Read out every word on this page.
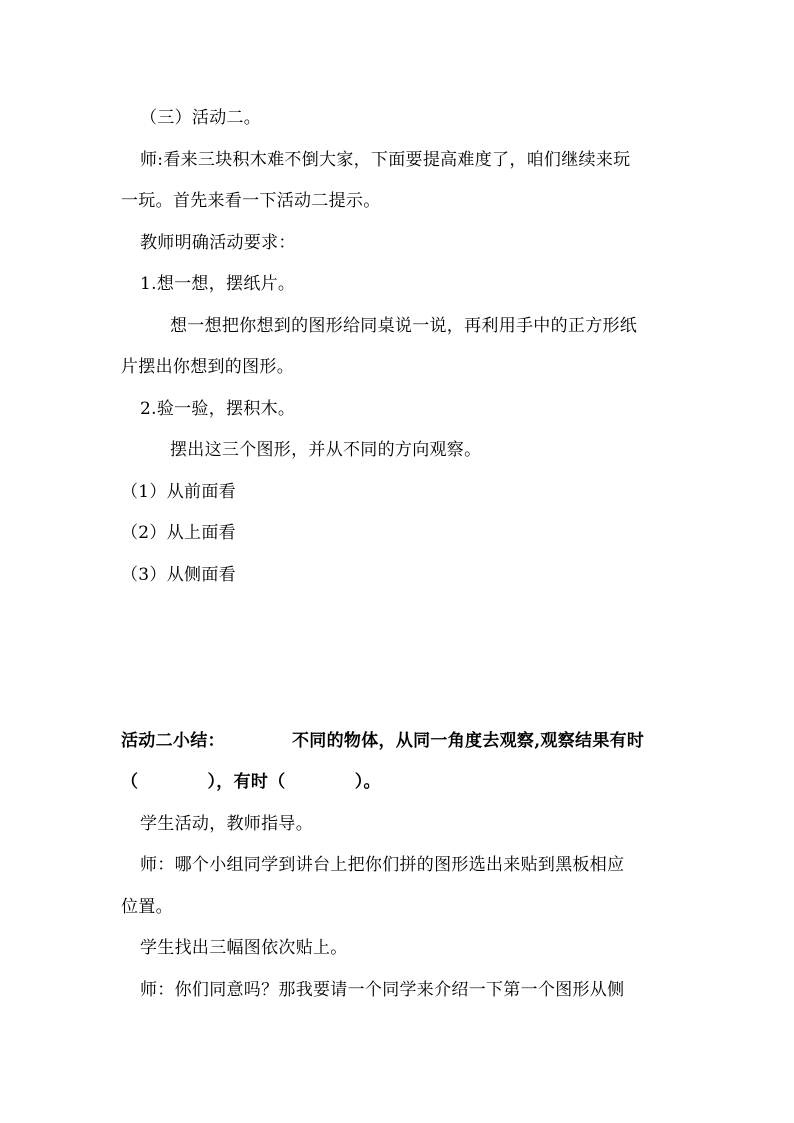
（三）活动二。
师:看来三块积木难不倒大家，下面要提高难度了，咱们继续来玩
一玩。首先来看一下活动二提示。
教师明确活动要求：
1.想一想，摆纸片。
想一想把你想到的图形给同桌说一说，再利用手中的正方形纸
片摆出你想到的图形。
2.验一验，摆积木。
摆出这三个图形，并从不同的方向观察。
（1）从前面看
（2）从上面看
（3）从侧面看
活动二小结：	不同的物体，从同一角度去观察,观察结果有时
（　　　　），有时（　　　　）。
学生活动，教师指导。
师：哪个小组同学到讲台上把你们拼的图形选出来贴到黑板相应
位置。
学生找出三幅图依次贴上。
师：你们同意吗？那我要请一个同学来介绍一下第一个图形从侧
